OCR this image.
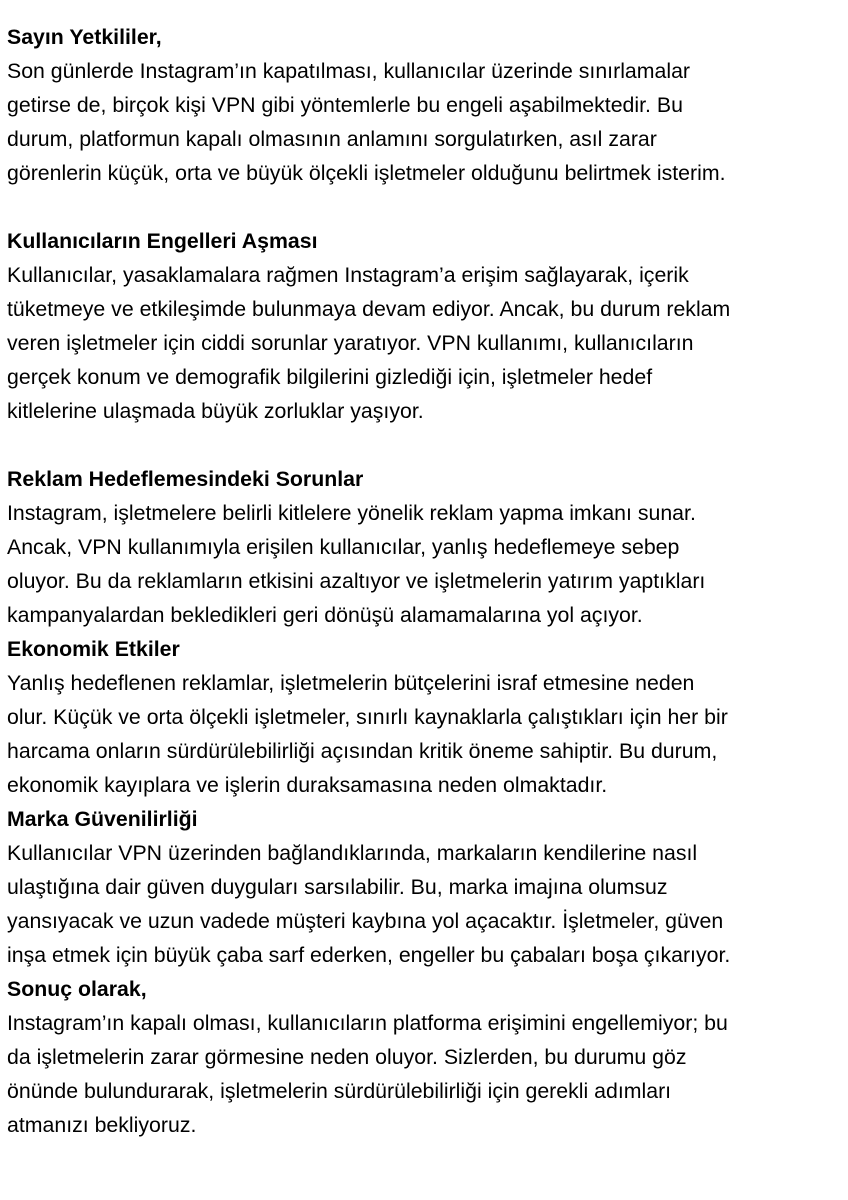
Sayın Yetkililer,
Son günlerde Instagram’ın kapatılması, kullanıcılar üzerinde sınırlamalar
getirse de, birçok kişi VPN gibi yöntemlerle bu engeli aşabilmektedir. Bu
durum, platformun kapalı olmasının anlamını sorgulatırken, asıl zarar
görenlerin küçük, orta ve büyük ölçekli işletmeler olduğunu belirtmek isterim.
Kullanıcıların Engelleri Aşması
Kullanıcılar, yasaklamalara rağmen Instagram’a erişim sağlayarak, içerik
tüketmeye ve etkileşimde bulunmaya devam ediyor. Ancak, bu durum reklam
veren işletmeler için ciddi sorunlar yaratıyor. VPN kullanımı, kullanıcıların
gerçek konum ve demografik bilgilerini gizlediği için, işletmeler hedef
kitlelerine ulaşmada büyük zorluklar yaşıyor.
Reklam Hedeflemesindeki Sorunlar
Instagram, işletmelere belirli kitlelere yönelik reklam yapma imkanı sunar.
Ancak, VPN kullanımıyla erişilen kullanıcılar, yanlış hedeflemeye sebep
oluyor. Bu da reklamların etkisini azaltıyor ve işletmelerin yatırım yaptıkları
kampanyalardan bekledikleri geri dönüşü alamamalarına yol açıyor.
Ekonomik Etkiler
Yanlış hedeflenen reklamlar, işletmelerin bütçelerini israf etmesine neden
olur. Küçük ve orta ölçekli işletmeler, sınırlı kaynaklarla çalıştıkları için her bir
harcama onların sürdürülebilirliği açısından kritik öneme sahiptir. Bu durum,
ekonomik kayıplara ve işlerin duraksamasına neden olmaktadır.
Marka Güvenilirliği
Kullanıcılar VPN üzerinden bağlandıklarında, markaların kendilerine nasıl
ulaştığına dair güven duyguları sarsılabilir. Bu, marka imajına olumsuz
yansıyacak ve uzun vadede müşteri kaybına yol açacaktır. İşletmeler, güven
inşa etmek için büyük çaba sarf ederken, engeller bu çabaları boşa çıkarıyor.
Sonuç olarak,
Instagram’ın kapalı olması, kullanıcıların platforma erişimini engellemiyor; bu
da işletmelerin zarar görmesine neden oluyor. Sizlerden, bu durumu göz
önünde bulundurarak, işletmelerin sürdürülebilirliği için gerekli adımları
atmanızı bekliyoruz.
